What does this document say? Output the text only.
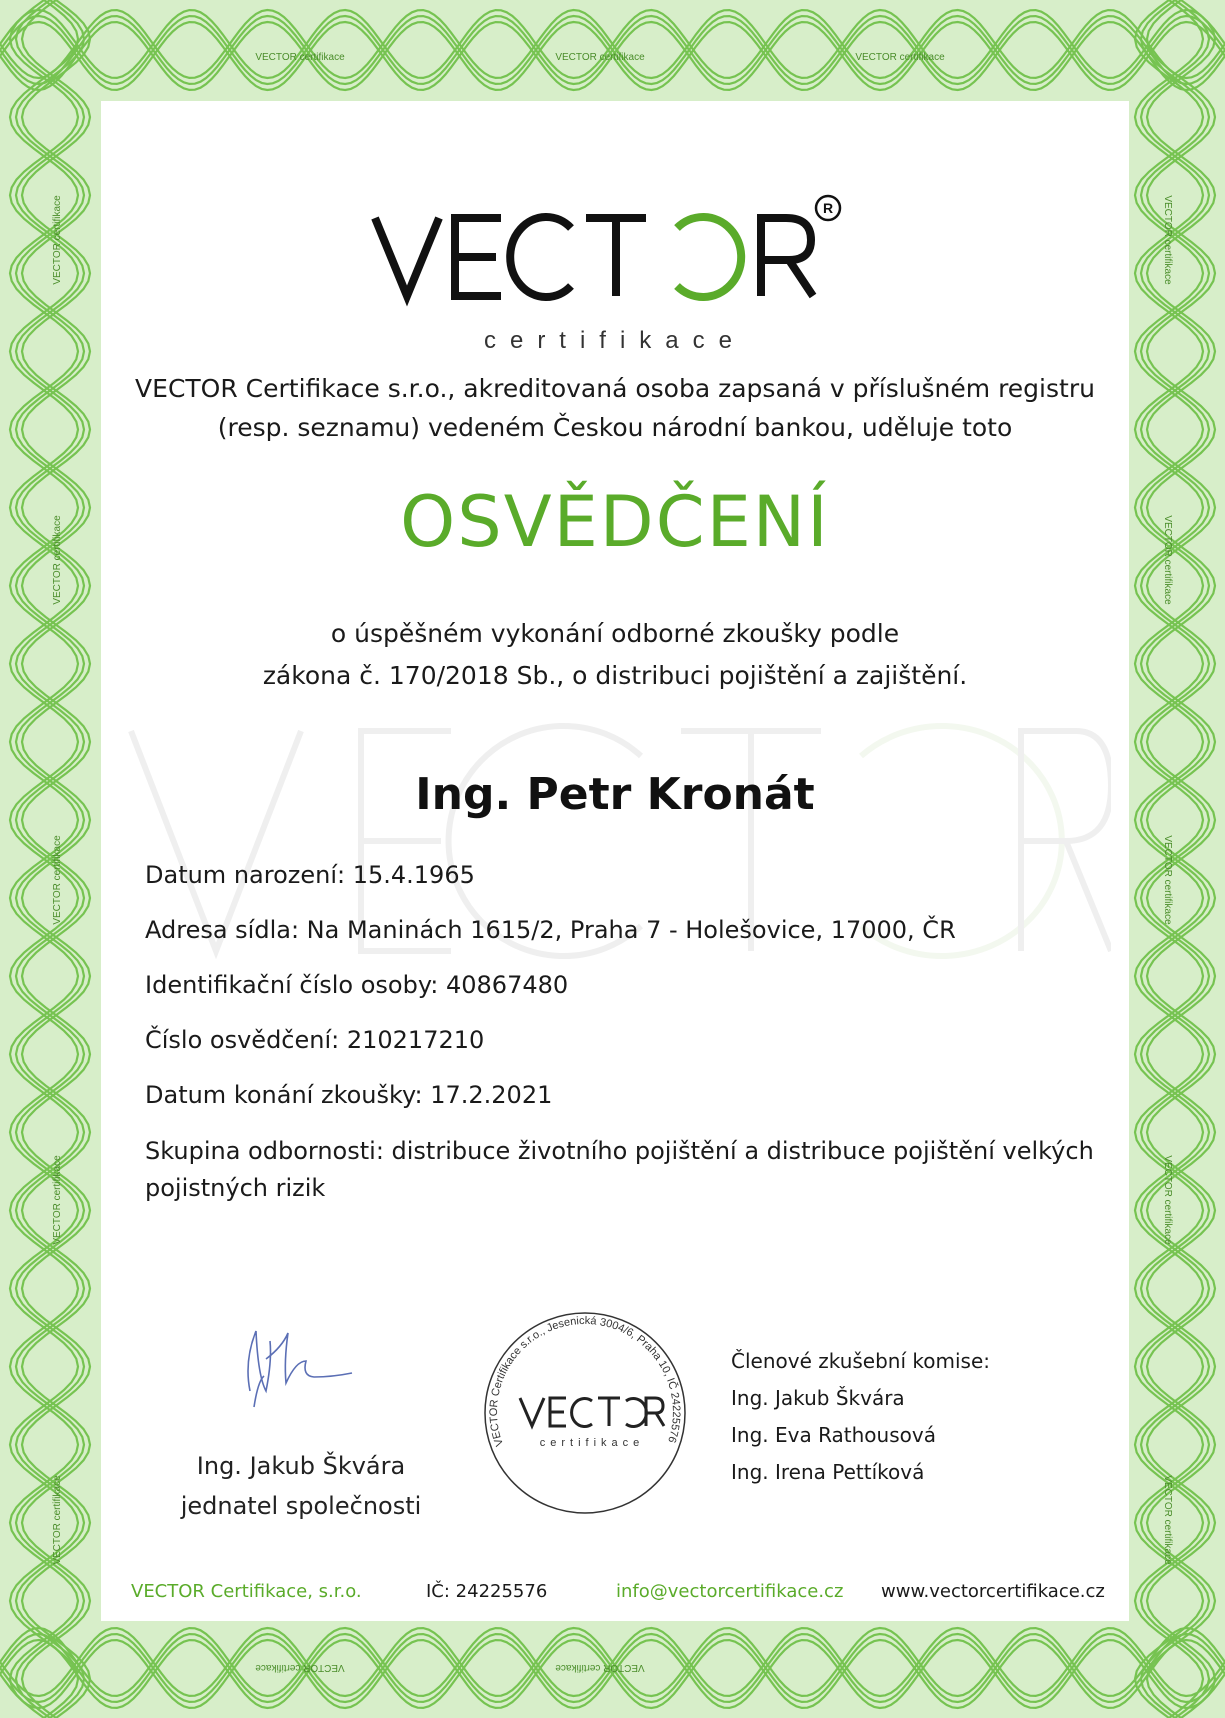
VECTOR certifikace	VECTOR certifikace	VECTOR certifikace
VECTOR certifikace	VECTOR certifikace
VECTOR certifikace
VECTOR certifikace
VECTOR certifikace
VECTOR certifikace
VECTOR certifikace
VECTOR certifikace
VECTOR certifikace
VECTOR certifikace
VECTOR certifikace
VECTOR certifikace
R
certifikace
VECTOR Certifikace s.r.o., akreditovaná osoba zapsaná v příslušném registru
(resp. seznamu) vedeném Českou národní bankou, uděluje toto
OSVĚDČENÍ
o úspěšném vykonání odborné zkoušky podle
zákona č. 170/2018 Sb., o distribuci pojištění a zajištění.
Ing. Petr Kronát
Datum narození: 15.4.1965
Adresa sídla: Na Maninách 1615/2, Praha 7 - Holešovice, 17000, ČR
Identifikační číslo osoby: 40867480
Číslo osvědčení: 210217210
Datum konání zkoušky: 17.2.2021
Skupina odbornosti: distribuce životního pojištění a distribuce pojištění velkých pojistných rizik
Ing. Jakub Škvára
jednatel společnosti
VECTOR Certifikace s.r.o., Jesenická 3004/6, Praha 10, IČ 24225576
certifikace
Členové zkušební komise:
Ing. Jakub Škvára
Ing. Eva Rathousová
Ing. Irena Pettíková
VECTOR Certifikace, s.r.o.	IČ: 24225576	info@vectorcertifikace.cz www.vectorcertifikace.cz
